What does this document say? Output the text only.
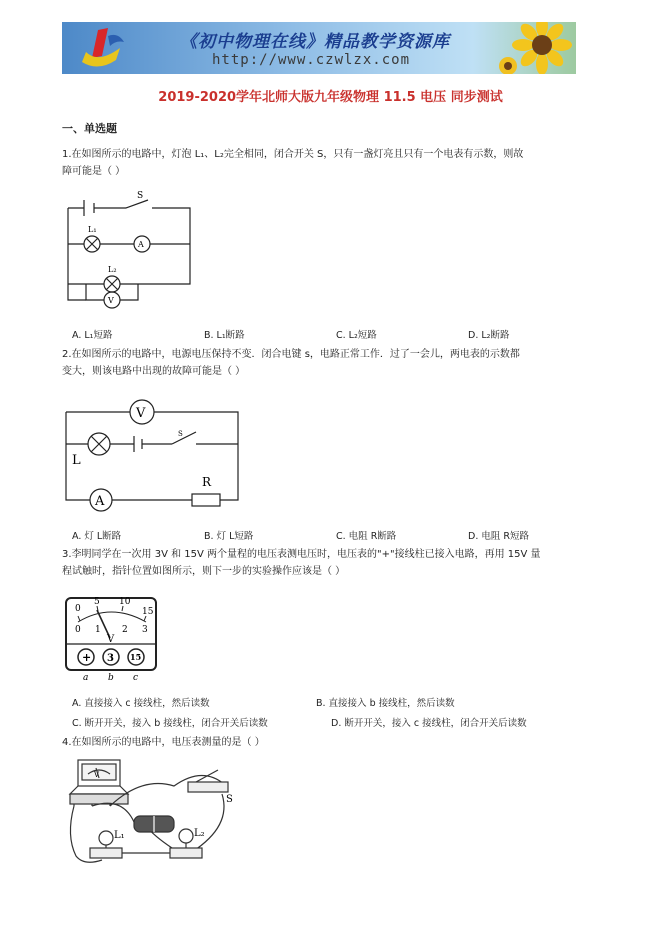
《初中物理在线》精品教学资源库
http://www.czwlzx.com
2019-2020学年北师大版九年级物理 11.5 电压 同步测试
一、单选题
1.在如图所示的电路中，灯泡 L₁、L₂完全相同，闭合开关 S，只有一盏灯亮且只有一个电表有示数，则故
障可能是（ ）
S
L₁
L₂
A
V
A. L₁短路	B. L₁断路	C. L₂短路	D. L₂断路
2.在如图所示的电路中，电源电压保持不变．闭合电键 s，电路正常工作．过了一会儿，两电表的示数都
变大，则该电路中出现的故障可能是（ ）
V
L
S
A
R
A. 灯 L断路	B. 灯 L短路	C. 电阻 R断路	D. 电阻 R短路
3.李明同学在一次用 3V 和 15V 两个量程的电压表测电压时，电压表的"+"接线柱已接入电路，再用 15V 量
程试触时，指针位置如图所示，则下一步的实验操作应该是（ ）
0
5 10
15
0 1 2 3
V
+ 3 15
a b c
A. 直接接入 c 接线柱，然后读数	B. 直接接入 b 接线柱，然后读数
C. 断开开关，接入 b 接线柱，闭合开关后读数	D. 断开开关，接入 c 接线柱，闭合开关后读数
4.在如图所示的电路中，电压表测量的是（ ）
V
S
L₁	L₂
